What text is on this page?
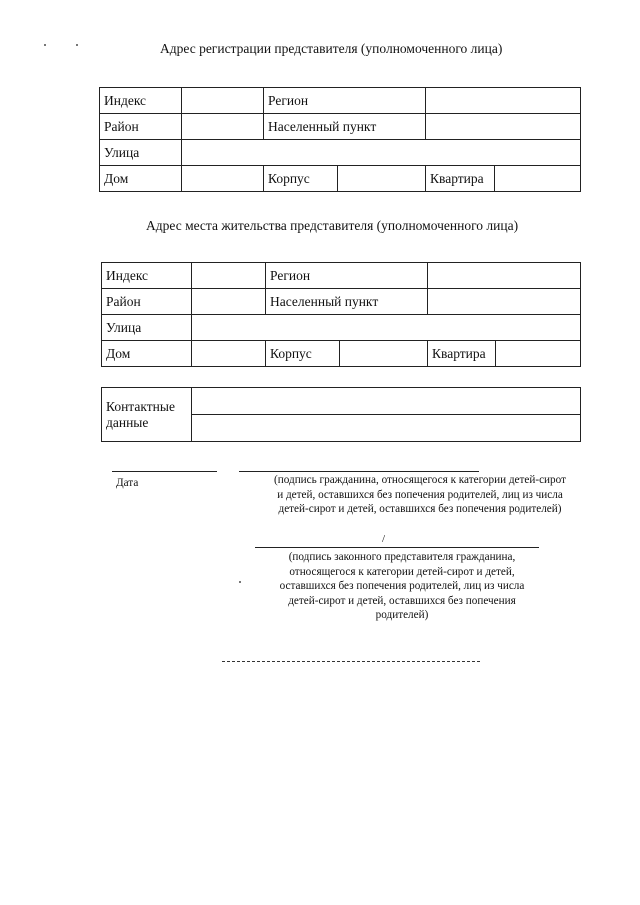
Адрес регистрации представителя (уполномоченного лица)
Индекс		Регион			
Район		Населенный пункт			
Улица					
Дом		Корпус		Квартира	
Адрес места жительства представителя (уполномоченного лица)
Индекс		Регион			
Район		Населенный пункт			
Улица					
Дом		Корпус		Квартира	
Контактные
данные	

Дата	(подпись гражданина, относящегося к категории детей-сирот
и детей, оставшихся без попечения родителей, лиц из числа
детей-сирот и детей, оставшихся без попечения родителей)
/
(подпись законного представителя гражданина,
относящегося к категории детей-сирот и детей,
оставшихся без попечения родителей, лиц из числа
детей-сирот и детей, оставшихся без попечения
родителей)
